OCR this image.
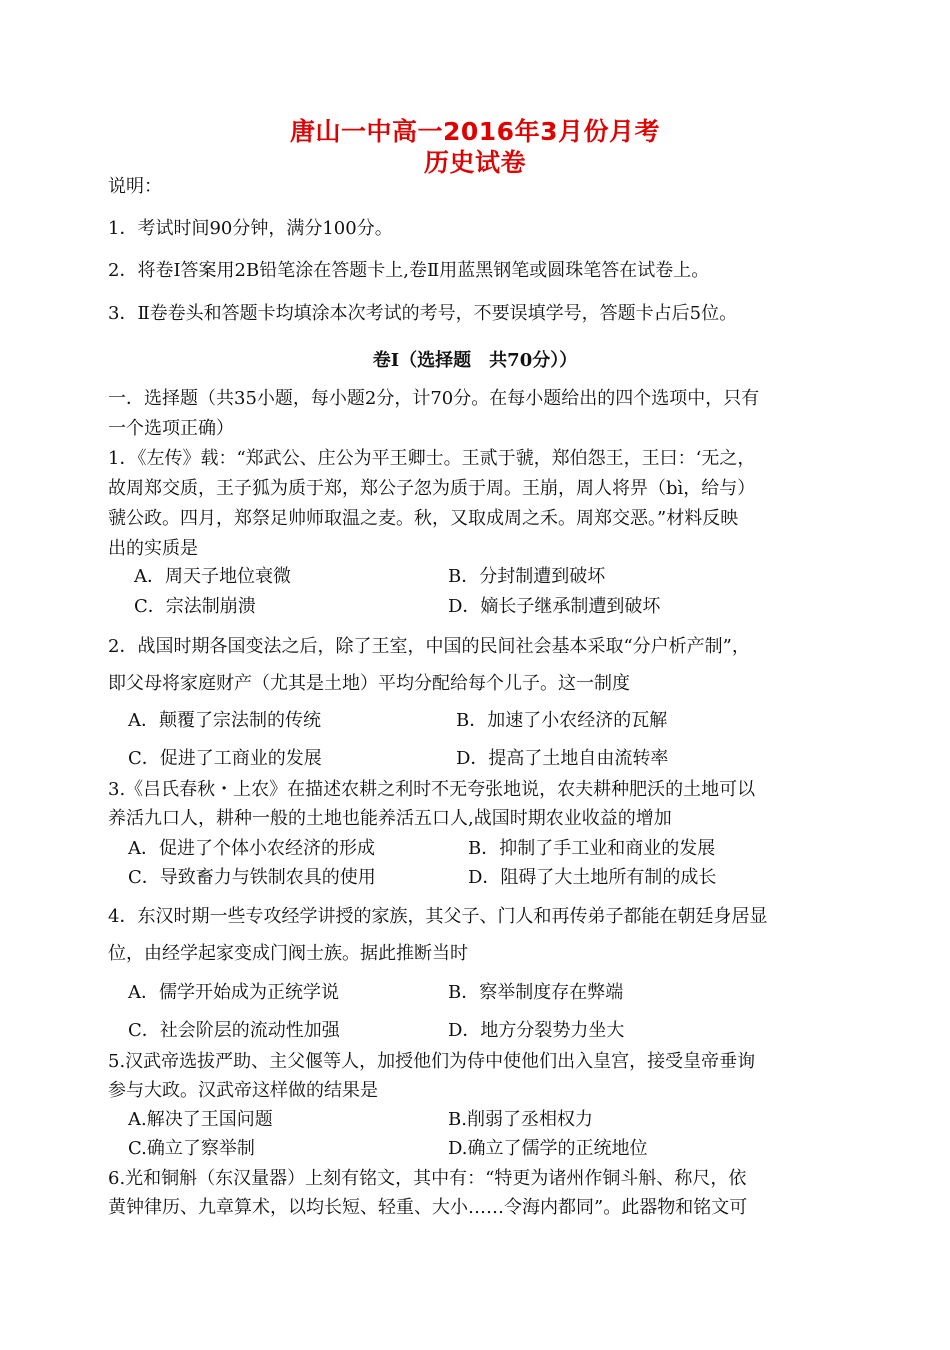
唐山一中高一2016年3月份月考
历史试卷
说明：
1．考试时间90分钟，满分100分。
2．将卷Ⅰ答案用2B铅笔涂在答题卡上,卷Ⅱ用蓝黑钢笔或圆珠笔答在试卷上。
3．Ⅱ卷卷头和答题卡均填涂本次考试的考号，不要误填学号，答题卡占后5位。
卷Ⅰ（选择题　共70分））
一．选择题（共35小题，每小题2分，计70分。在每小题给出的四个选项中，只有
一个选项正确）
1．《左传》载：“郑武公、庄公为平王卿士。王贰于虢，郑伯怨王，王曰：‘无之，
故周郑交质，王子狐为质于郑，郑公子忽为质于周。王崩，周人将畀（bì，给与）
虢公政。四月，郑祭足帅师取温之麦。秋，又取成周之禾。周郑交恶。”材料反映
出的实质是
A．周天子地位衰微	B．分封制遭到破坏
C．宗法制崩溃	D．嫡长子继承制遭到破坏
2．战国时期各国变法之后，除了王室，中国的民间社会基本采取“分户析产制”，
即父母将家庭财产（尤其是土地）平均分配给每个儿子。这一制度
A．颠覆了宗法制的传统	B．加速了小农经济的瓦解
C．促进了工商业的发展	D．提高了土地自由流转率
3.《吕氏春秋・上农》在描述农耕之利时不无夸张地说，农夫耕种肥沃的土地可以
养活九口人，耕种一般的土地也能养活五口人,战国时期农业收益的增加
A．促进了个体小农经济的形成	B．抑制了手工业和商业的发展
C．导致畜力与铁制农具的使用	D．阻碍了大土地所有制的成长
4．东汉时期一些专攻经学讲授的家族，其父子、门人和再传弟子都能在朝廷身居显
位，由经学起家变成门阀士族。据此推断当时
A．儒学开始成为正统学说	B．察举制度存在弊端
C．社会阶层的流动性加强	D．地方分裂势力坐大
5.汉武帝选拔严助、主父偃等人，加授他们为侍中使他们出入皇宫，接受皇帝垂询
参与大政。汉武帝这样做的结果是
A.解决了王国问题	B.削弱了丞相权力
C.确立了察举制	D.确立了儒学的正统地位
6.光和铜斛（东汉量器）上刻有铭文，其中有：“特更为诸州作铜斗斛、称尺，依
黄钟律历、九章算术，以均长短、轻重、大小……令海内都同”。此器物和铭文可
